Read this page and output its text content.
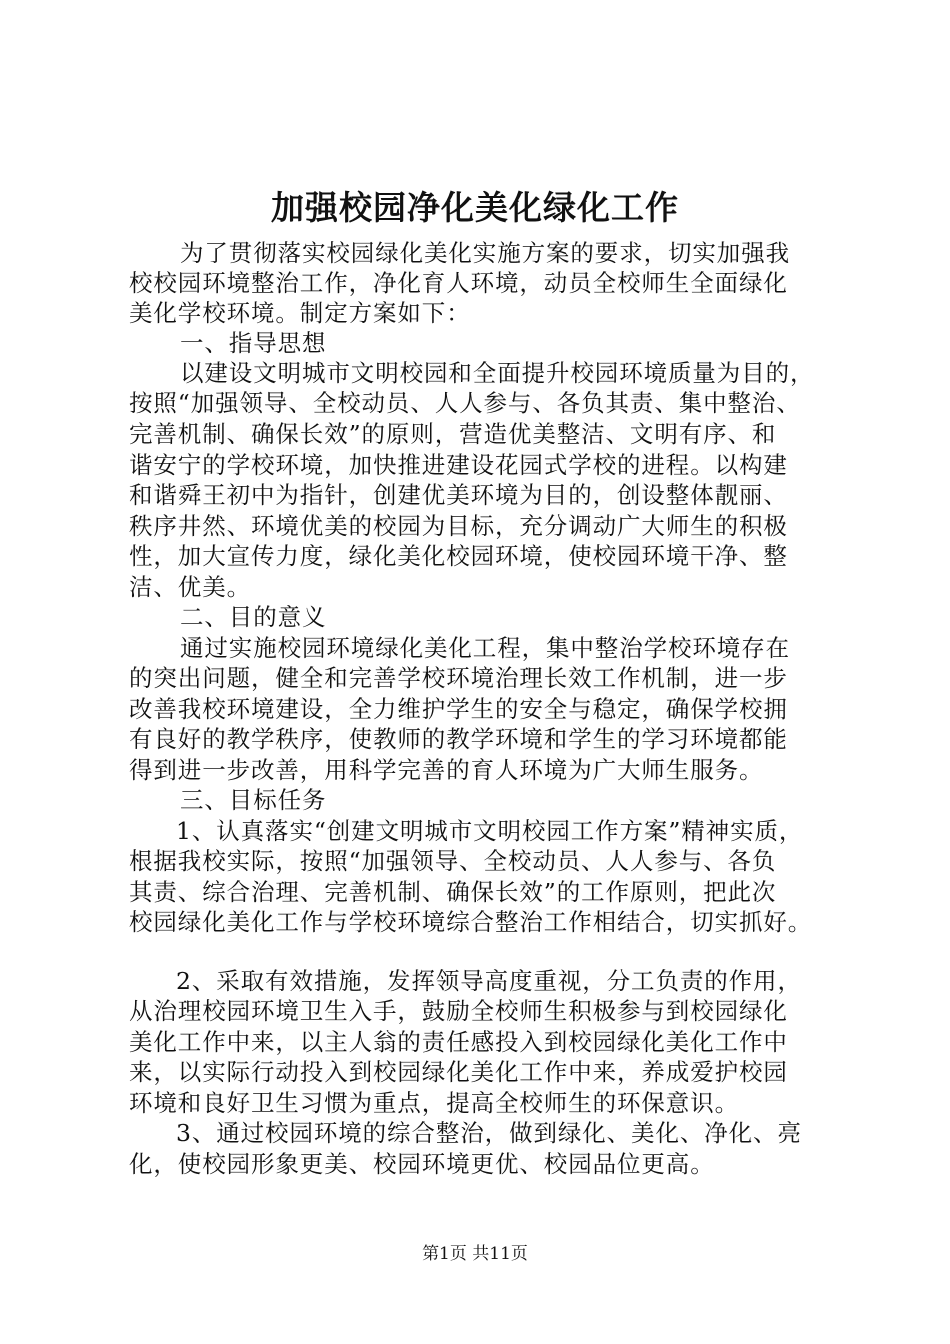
加强校园净化美化绿化工作
为了贯彻落实校园绿化美化实施方案的要求，切实加强我
校校园环境整治工作，净化育人环境，动员全校师生全面绿化
美化学校环境。制定方案如下：
一、指导思想
以建设文明城市文明校园和全面提升校园环境质量为目的，
按照“加强领导、全校动员、人人参与、各负其责、集中整治、
完善机制、确保长效”的原则，营造优美整洁、文明有序、和
谐安宁的学校环境，加快推进建设花园式学校的进程。以构建
和谐舜王初中为指针，创建优美环境为目的，创设整体靓丽、
秩序井然、环境优美的校园为目标，充分调动广大师生的积极
性，加大宣传力度，绿化美化校园环境，使校园环境干净、整
洁、优美。
二、目的意义
通过实施校园环境绿化美化工程，集中整治学校环境存在
的突出问题，健全和完善学校环境治理长效工作机制，进一步
改善我校环境建设，全力维护学生的安全与稳定，确保学校拥
有良好的教学秩序，使教师的教学环境和学生的学习环境都能
得到进一步改善，用科学完善的育人环境为广大师生服务。
三、目标任务
1、认真落实“创建文明城市文明校园工作方案”精神实质，
根据我校实际，按照“加强领导、全校动员、人人参与、各负
其责、综合治理、完善机制、确保长效”的工作原则，把此次
校园绿化美化工作与学校环境综合整治工作相结合，切实抓好。
2、采取有效措施，发挥领导高度重视，分工负责的作用，
从治理校园环境卫生入手，鼓励全校师生积极参与到校园绿化
美化工作中来，以主人翁的责任感投入到校园绿化美化工作中
来，以实际行动投入到校园绿化美化工作中来，养成爱护校园
环境和良好卫生习惯为重点，提高全校师生的环保意识。
3、通过校园环境的综合整治，做到绿化、美化、净化、亮
化，使校园形象更美、校园环境更优、校园品位更高。
第1页 共11页
